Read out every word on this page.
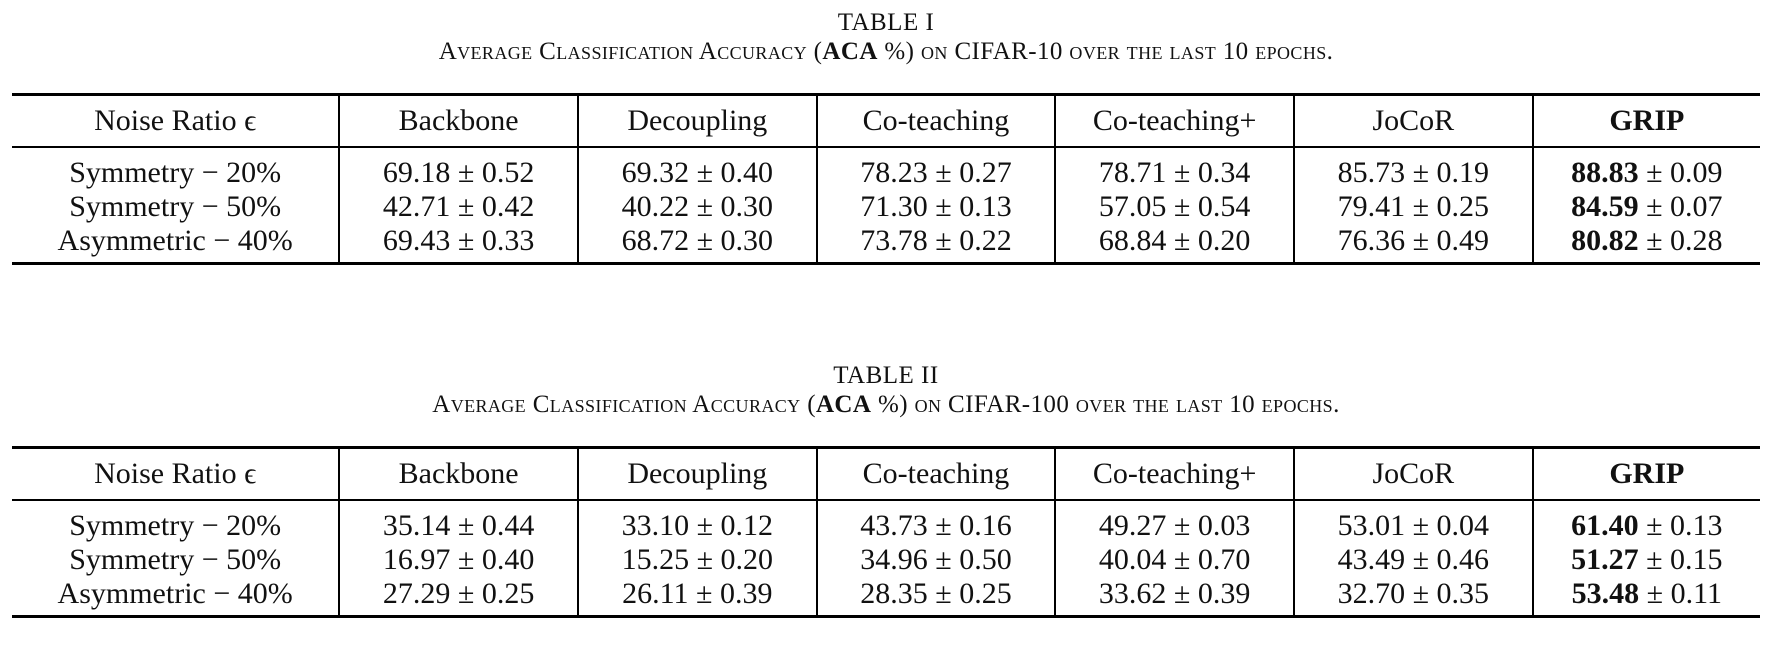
TABLE I
Average Classification Accuracy (ACA %) on CIFAR-10 over the last 10 epochs.
Noise Ratio ϵ	Backbone	Decoupling	Co-teaching	Co-teaching+	JoCoR	GRIP
Symmetry − 20%	69.18 ± 0.52	69.32 ± 0.40	78.23 ± 0.27	78.71 ± 0.34	85.73 ± 0.19	88.83 ± 0.09
Symmetry − 50%	42.71 ± 0.42	40.22 ± 0.30	71.30 ± 0.13	57.05 ± 0.54	79.41 ± 0.25	84.59 ± 0.07
Asymmetric − 40%	69.43 ± 0.33	68.72 ± 0.30	73.78 ± 0.22	68.84 ± 0.20	76.36 ± 0.49	80.82 ± 0.28
TABLE II
Average Classification Accuracy (ACA %) on CIFAR-100 over the last 10 epochs.
Noise Ratio ϵ	Backbone	Decoupling	Co-teaching	Co-teaching+	JoCoR	GRIP
Symmetry − 20%	35.14 ± 0.44	33.10 ± 0.12	43.73 ± 0.16	49.27 ± 0.03	53.01 ± 0.04	61.40 ± 0.13
Symmetry − 50%	16.97 ± 0.40	15.25 ± 0.20	34.96 ± 0.50	40.04 ± 0.70	43.49 ± 0.46	51.27 ± 0.15
Asymmetric − 40%	27.29 ± 0.25	26.11 ± 0.39	28.35 ± 0.25	33.62 ± 0.39	32.70 ± 0.35	53.48 ± 0.11
